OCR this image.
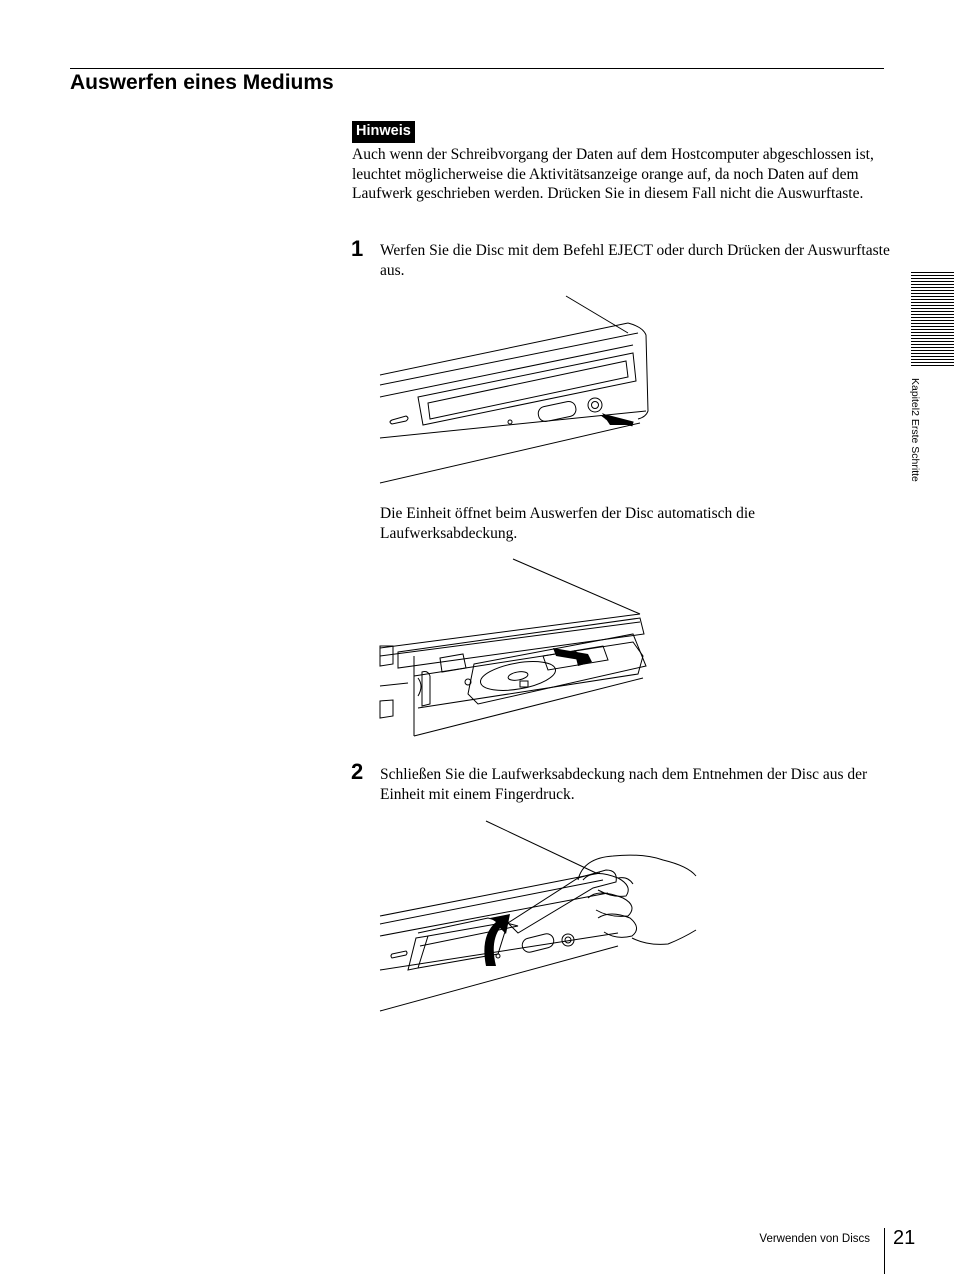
Auswerfen eines Mediums
Hinweis

Auch wenn der Schreibvorgang der Daten auf dem Hostcomputer abgeschlossen ist, leuchtet möglicherweise die Aktivitätsanzeige orange auf, da noch Daten auf dem Laufwerk geschrieben werden. Drücken Sie in diesem Fall nicht die Auswurftaste.

1 Werfen Sie die Disc mit dem Befehl EJECT oder durch Drücken der Auswurftaste aus.

Die Einheit öffnet beim Auswerfen der Disc automatisch die Laufwerksabdeckung.

2 Schließen Sie die Laufwerksabdeckung nach dem Entnehmen der Disc aus der Einheit mit einem Fingerdruck.

Kapitel2 Erste Schritte
Verwenden von Discs 21
